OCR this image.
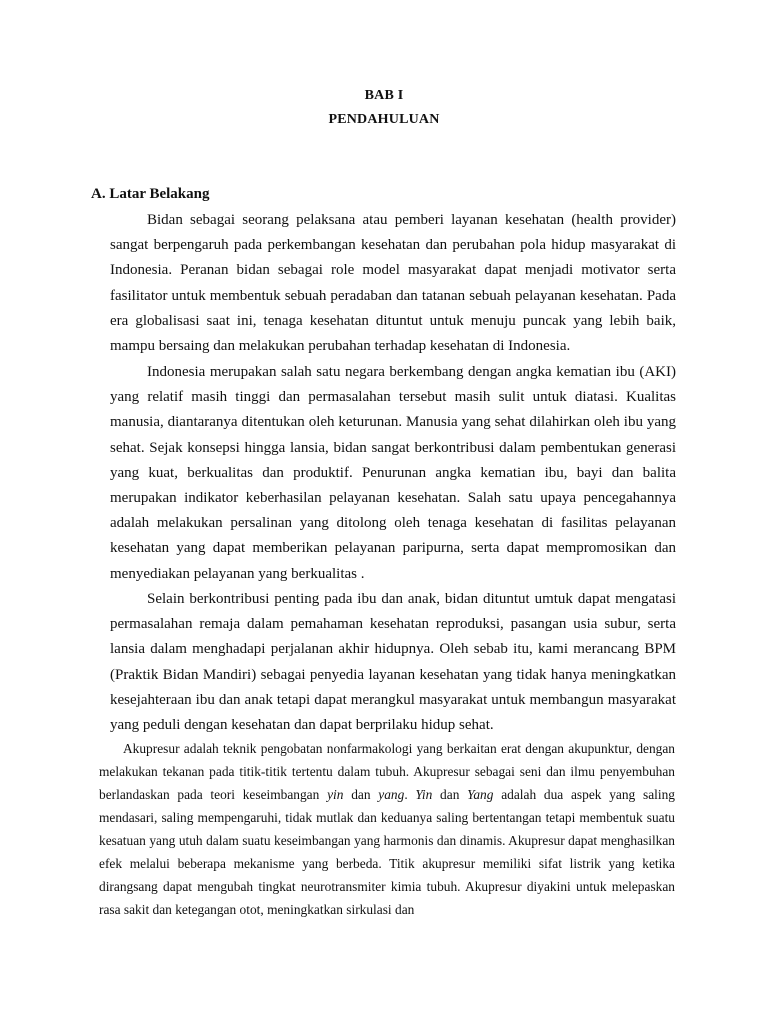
BAB I
PENDAHULUAN
A. Latar Belakang

Bidan sebagai seorang pelaksana atau pemberi layanan kesehatan (health provider) sangat berpengaruh pada perkembangan kesehatan dan perubahan pola hidup masyarakat di Indonesia. Peranan bidan sebagai role model masyarakat dapat menjadi motivator serta fasilitator untuk membentuk sebuah peradaban dan tatanan sebuah pelayanan kesehatan. Pada era globalisasi saat ini, tenaga kesehatan dituntut untuk menuju puncak yang lebih baik, mampu bersaing dan melakukan perubahan terhadap kesehatan di Indonesia.

Indonesia merupakan salah satu negara berkembang dengan angka kematian ibu (AKI) yang relatif masih tinggi dan permasalahan tersebut masih sulit untuk diatasi. Kualitas manusia, diantaranya ditentukan oleh keturunan. Manusia yang sehat dilahirkan oleh ibu yang sehat. Sejak konsepsi hingga lansia, bidan sangat berkontribusi dalam pembentukan generasi yang kuat, berkualitas dan produktif. Penurunan angka kematian ibu, bayi dan balita merupakan indikator keberhasilan pelayanan kesehatan. Salah satu upaya pencegahannya adalah melakukan persalinan yang ditolong oleh tenaga kesehatan di fasilitas pelayanan kesehatan yang dapat memberikan pelayanan paripurna, serta dapat mempromosikan dan menyediakan pelayanan yang berkualitas .

Selain berkontribusi penting pada ibu dan anak, bidan dituntut umtuk dapat mengatasi permasalahan remaja dalam pemahaman kesehatan reproduksi, pasangan usia subur, serta lansia dalam menghadapi perjalanan akhir hidupnya. Oleh sebab itu, kami merancang BPM (Praktik Bidan Mandiri) sebagai penyedia layanan kesehatan yang tidak hanya meningkatkan kesejahteraan ibu dan anak tetapi dapat merangkul masyarakat untuk membangun masyarakat yang peduli dengan kesehatan dan dapat berprilaku hidup sehat.

Akupresur adalah teknik pengobatan nonfarmakologi yang berkaitan erat dengan akupunktur, dengan melakukan tekanan pada titik-titik tertentu dalam tubuh. Akupresur sebagai seni dan ilmu penyembuhan berlandaskan pada teori keseimbangan yin dan yang. Yin dan Yang adalah dua aspek yang saling mendasari, saling mempengaruhi, tidak mutlak dan keduanya saling bertentangan tetapi membentuk suatu kesatuan yang utuh dalam suatu keseimbangan yang harmonis dan dinamis. Akupresur dapat menghasilkan efek melalui beberapa mekanisme yang berbeda. Titik akupresur memiliki sifat listrik yang ketika dirangsang dapat mengubah tingkat neurotransmiter kimia tubuh. Akupresur diyakini untuk melepaskan rasa sakit dan ketegangan otot, meningkatkan sirkulasi dan
